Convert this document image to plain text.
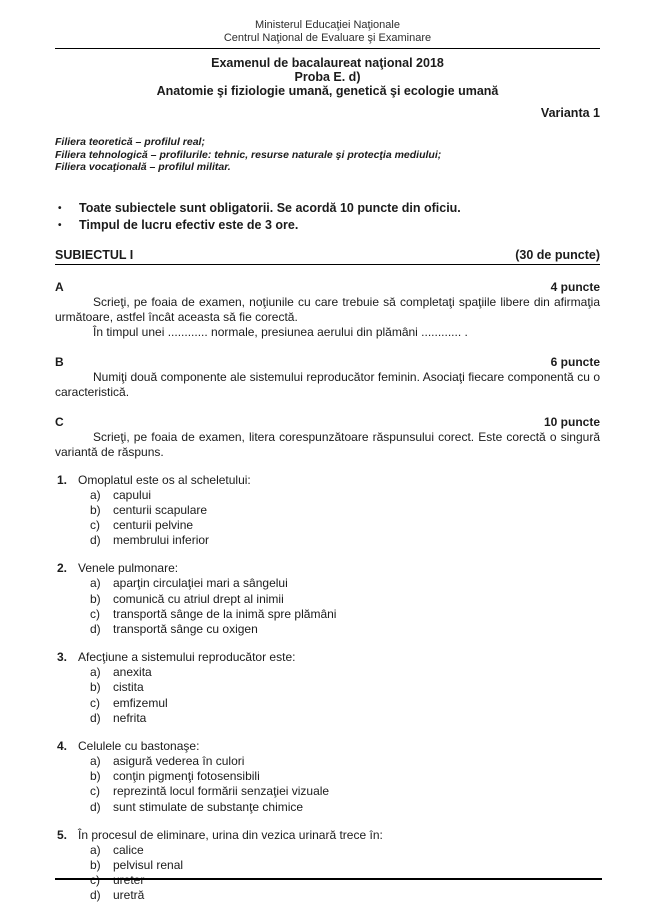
Ministerul Educaţiei Naţionale
Centrul Naţional de Evaluare şi Examinare
Examenul de bacalaureat naţional 2018
Proba E. d)
Anatomie şi fiziologie umană, genetică şi ecologie umană
Varianta 1
Filiera teoretică – profilul real;
Filiera tehnologică – profilurile: tehnic, resurse naturale şi protecţia mediului;
Filiera vocaţională – profilul militar.
•	Toate subiectele sunt obligatorii. Se acordă 10 puncte din oficiu.
•	Timpul de lucru efectiv este de 3 ore.
SUBIECTUL I	(30 de puncte)
A	4 puncte
Scrieţi, pe foaia de examen, noţiunile cu care trebuie să completaţi spaţiile libere din afirmaţia următoare, astfel încât aceasta să fie corectă.
În timpul unei ............ normale, presiunea aerului din plămâni ............ .
B	6 puncte
Numiţi două componente ale sistemului reproducător feminin. Asociaţi fiecare componentă cu o caracteristică.
C	10 puncte
Scrieţi, pe foaia de examen, litera corespunzătoare răspunsului corect. Este corectă o singură variantă de răspuns.
1. Omoplatul este os al scheletului:
a)	capului
b)	centurii scapulare
c)	centurii pelvine
d)	membrului inferior
2. Venele pulmonare:
a)	aparţin circulaţiei mari a sângelui
b)	comunică cu atriul drept al inimii
c)	transportă sânge de la inimă spre plămâni
d)	transportă sânge cu oxigen
3. Afecţiune a sistemului reproducător este:
a)	anexita
b)	cistita
c)	emfizemul
d)	nefrita
4. Celulele cu bastonaşe:
a)	asigură vederea în culori
b)	conţin pigmenţi fotosensibili
c)	reprezintă locul formării senzaţiei vizuale
d)	sunt stimulate de substanţe chimice
5. În procesul de eliminare, urina din vezica urinară trece în:
a)	calice
b)	pelvisul renal
c)	ureter
d)	uretră
